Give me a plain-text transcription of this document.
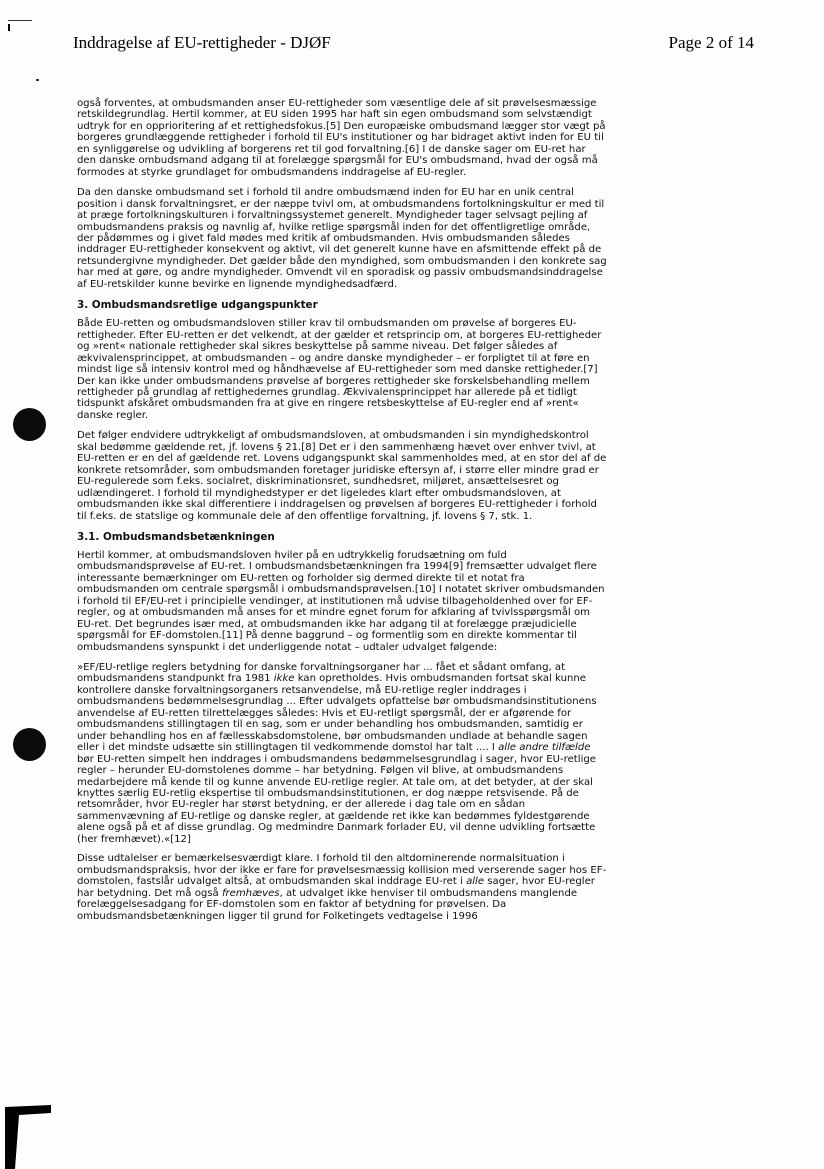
Inddragelse af EU-rettigheder - DJØF	Page 2 of 14

også forventes, at ombudsmanden anser EU-rettigheder som væsentlige dele af sit prøvelsesmæssige retskildegrundlag. Hertil kommer, at EU siden 1995 har haft sin egen ombudsmand som selvstændigt udtryk for en opprioritering af et rettighedsfokus.[5] Den europæiske ombudsmand lægger stor vægt på borgeres grundlæggende rettigheder i forhold til EU's institutioner og har bidraget aktivt inden for EU til en synliggørelse og udvikling af borgerens ret til god forvaltning.[6] I de danske sager om EU-ret har den danske ombudsmand adgang til at forelægge spørgsmål for EU's ombudsmand, hvad der også må formodes at styrke grundlaget for ombudsmandens inddragelse af EU-regler.

Da den danske ombudsmand set i forhold til andre ombudsmænd inden for EU har en unik central position i dansk forvaltningsret, er der næppe tvivl om, at ombudsmandens fortolkningskultur er med til at præge fortolkningskulturen i forvaltningssystemet generelt. Myndigheder tager selvsagt pejling af ombudsmandens praksis og navnlig af, hvilke retlige spørgsmål inden for det offentligretlige område, der pådømmes og i givet fald mødes med kritik af ombudsmanden. Hvis ombudsmanden således inddrager EU-rettigheder konsekvent og aktivt, vil det generelt kunne have en afsmittende effekt på de retsundergivne myndigheder. Det gælder både den myndighed, som ombudsmanden i den konkrete sag har med at gøre, og andre myndigheder. Omvendt vil en sporadisk og passiv ombudsmandsinddragelse af EU-retskilder kunne bevirke en lignende myndighedsadfærd.

3. Ombudsmandsretlige udgangspunkter

Både EU-retten og ombudsmandsloven stiller krav til ombudsmanden om prøvelse af borgeres EU-rettigheder. Efter EU-retten er det velkendt, at der gælder et retsprincip om, at borgeres EU-rettigheder og »rent« nationale rettigheder skal sikres beskyttelse på samme niveau. Det følger således af ækvivalensprincippet, at ombudsmanden – og andre danske myndigheder – er forpligtet til at føre en mindst lige så intensiv kontrol med og håndhævelse af EU-rettigheder som med danske rettigheder.[7] Der kan ikke under ombudsmandens prøvelse af borgeres rettigheder ske forskelsbehandling mellem rettigheder på grundlag af rettighedernes grundlag. Ækvivalensprincippet har allerede på et tidligt tidspunkt afskåret ombudsmanden fra at give en ringere retsbeskyttelse af EU-regler end af »rent« danske regler.

Det følger endvidere udtrykkeligt af ombudsmandsloven, at ombudsmanden i sin myndighedskontrol skal bedømme gældende ret, jf. lovens § 21.[8] Det er i den sammenhæng hævet over enhver tvivl, at EU-retten er en del af gældende ret. Lovens udgangspunkt skal sammenholdes med, at en stor del af de konkrete retsområder, som ombudsmanden foretager juridiske eftersyn af, i større eller mindre grad er EU-regulerede som f.eks. socialret, diskriminationsret, sundhedsret, miljøret, ansættelsesret og udlændingeret. I forhold til myndighedstyper er det ligeledes klart efter ombudsmandsloven, at ombudsmanden ikke skal differentiere i inddragelsen og prøvelsen af borgeres EU-rettigheder i forhold til f.eks. de statslige og kommunale dele af den offentlige forvaltning, jf. lovens § 7, stk. 1.

3.1. Ombudsmandsbetænkningen

Hertil kommer, at ombudsmandsloven hviler på en udtrykkelig forudsætning om fuld ombudsmandsprøvelse af EU-ret. I ombudsmandsbetænkningen fra 1994[9] fremsætter udvalget flere interessante bemærkninger om EU-retten og forholder sig dermed direkte til et notat fra ombudsmanden om centrale spørgsmål i ombudsmandsprøvelsen.[10] I notatet skriver ombudsmanden i forhold til EF/EU-ret i principielle vendinger, at institutionen må udvise tilbageholdenhed over for EF-regler, og at ombudsmanden må anses for et mindre egnet forum for afklaring af tvivlsspørgsmål om EU-ret. Det begrundes især med, at ombudsmanden ikke har adgang til at forelægge præjudicielle spørgsmål for EF-domstolen.[11] På denne baggrund – og formentlig som en direkte kommentar til ombudsmandens synspunkt i det underliggende notat – udtaler udvalget følgende:

»EF/EU-retlige reglers betydning for danske forvaltningsorganer har ... fået et sådant omfang, at ombudsmandens standpunkt fra 1981 ikke kan opretholdes. Hvis ombudsmanden fortsat skal kunne kontrollere danske forvaltningsorganers retsanvendelse, må EU-retlige regler inddrages i ombudsmandens bedømmelsesgrundlag ... Efter udvalgets opfattelse bør ombudsmandsinstitutionens anvendelse af EU-retten tilrettelægges således: Hvis et EU-retligt spørgsmål, der er afgørende for ombudsmandens stillingtagen til en sag, som er under behandling hos ombudsmanden, samtidig er under behandling hos en af fællesskabsdomstolene, bør ombudsmanden undlade at behandle sagen eller i det mindste udsætte sin stillingtagen til vedkommende domstol har talt .... I alle andre tilfælde bør EU-retten simpelt hen inddrages i ombudsmandens bedømmelsesgrundlag i sager, hvor EU-retlige regler – herunder EU-domstolenes domme – har betydning. Følgen vil blive, at ombudsmandens medarbejdere må kende til og kunne anvende EU-retlige regler. At tale om, at det betyder, at der skal knyttes særlig EU-retlig ekspertise til ombudsmandsinstitutionen, er dog næppe retsvisende. På de retsområder, hvor EU-regler har størst betydning, er der allerede i dag tale om en sådan sammenvævning af EU-retlige og danske regler, at gældende ret ikke kan bedømmes fyldestgørende alene også på et af disse grundlag. Og medmindre Danmark forlader EU, vil denne udvikling fortsætte (her fremhævet).«[12]

Disse udtalelser er bemærkelsesværdigt klare. I forhold til den altdominerende normalsituation i ombudsmandspraksis, hvor der ikke er fare for prøvelsesmæssig kollision med verserende sager hos EF-domstolen, fastslår udvalget altså, at ombudsmanden skal inddrage EU-ret i alle sager, hvor EU-regler har betydning. Det må også fremhæves, at udvalget ikke henviser til ombudsmandens manglende forelæggelsesadgang for EF-domstolen som en faktor af betydning for prøvelsen. Da ombudsmandsbetænkningen ligger til grund for Folketingets vedtagelse i 1996
